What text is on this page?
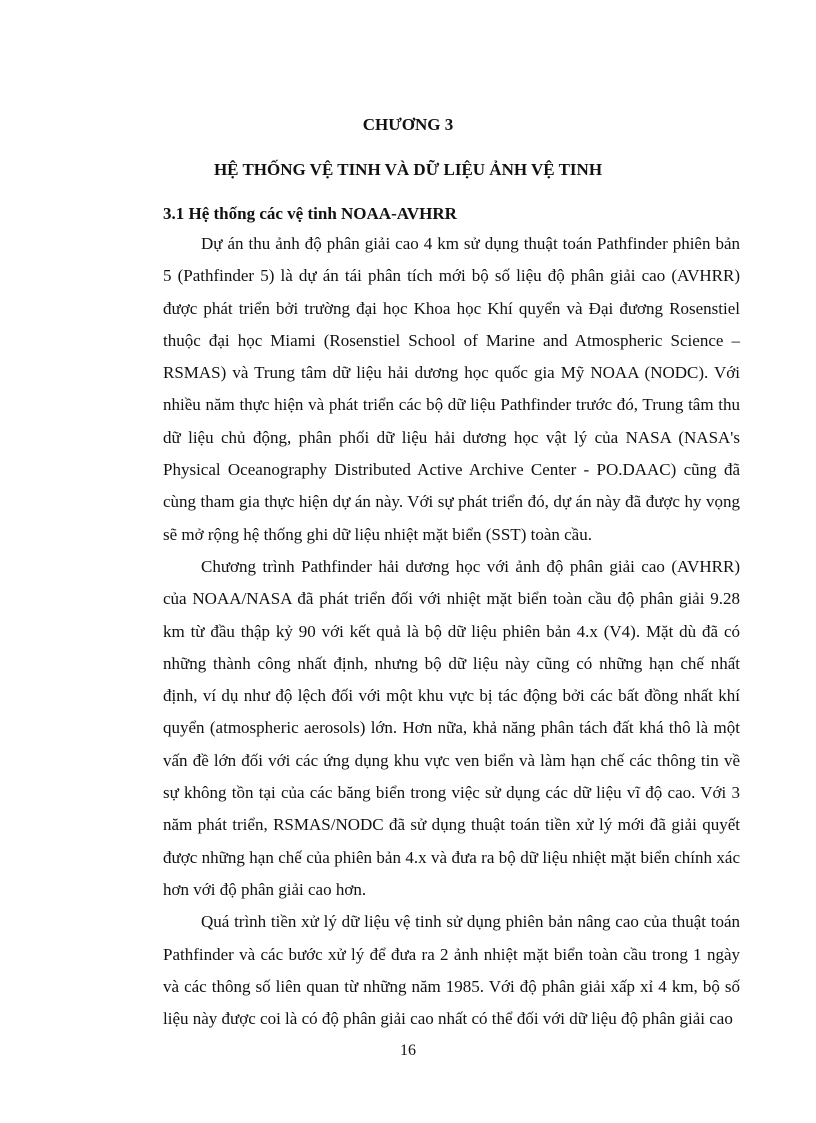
CHƯƠNG 3
HỆ THỐNG VỆ TINH VÀ DỮ LIỆU ẢNH VỆ TINH
3.1 Hệ thống các vệ tinh NOAA-AVHRR

Dự án thu ảnh độ phân giải cao 4 km sử dụng thuật toán Pathfinder phiên bản 5 (Pathfinder 5) là dự án tái phân tích mới bộ số liệu độ phân giải cao (AVHRR) được phát triển bởi trường đại học Khoa học Khí quyển và Đại đương Rosenstiel thuộc đại học Miami (Rosenstiel School of Marine and Atmospheric Science – RSMAS) và Trung tâm dữ liệu hải dương học quốc gia Mỹ NOAA (NODC). Với nhiều năm thực hiện và phát triển các bộ dữ liệu Pathfinder trước đó, Trung tâm thu dữ liệu chủ động, phân phối dữ liệu hải dương học vật lý của NASA (NASA's Physical Oceanography Distributed Active Archive Center - PO.DAAC) cũng đã cùng tham gia thực hiện dự án này. Với sự phát triển đó, dự án này đã được hy vọng sẽ mở rộng hệ thống ghi dữ liệu nhiệt mặt biển (SST) toàn cầu.

Chương trình Pathfinder hải dương học với ảnh độ phân giải cao (AVHRR) của NOAA/NASA đã phát triển đối với nhiệt mặt biển toàn cầu độ phân giải 9.28 km từ đầu thập kỷ 90 với kết quả là bộ dữ liệu phiên bản 4.x (V4). Mặt dù đã có những thành công nhất định, nhưng bộ dữ liệu này cũng có những hạn chế nhất định, ví dụ như độ lệch đối với một khu vực bị tác động bởi các bất đồng nhất khí quyển (atmospheric aerosols) lớn. Hơn nữa, khả năng phân tách đất khá thô là một vấn đề lớn đối với các ứng dụng khu vực ven biển và làm hạn chế các thông tin về sự không tồn tại của các băng biển trong việc sử dụng các dữ liệu vĩ độ cao. Với 3 năm phát triển, RSMAS/NODC đã sử dụng thuật toán tiền xử lý mới đã giải quyết được những hạn chế của phiên bản 4.x và đưa ra bộ dữ liệu nhiệt mặt biển chính xác hơn với độ phân giải cao hơn.

Quá trình tiền xử lý dữ liệu vệ tinh sử dụng phiên bản nâng cao của thuật toán Pathfinder và các bước xử lý để đưa ra 2 ảnh nhiệt mặt biển toàn cầu trong 1 ngày và các thông số liên quan từ những năm 1985. Với độ phân giải xấp xỉ 4 km, bộ số liệu này được coi là có độ phân giải cao nhất có thể đối với dữ liệu độ phân giải cao

16
